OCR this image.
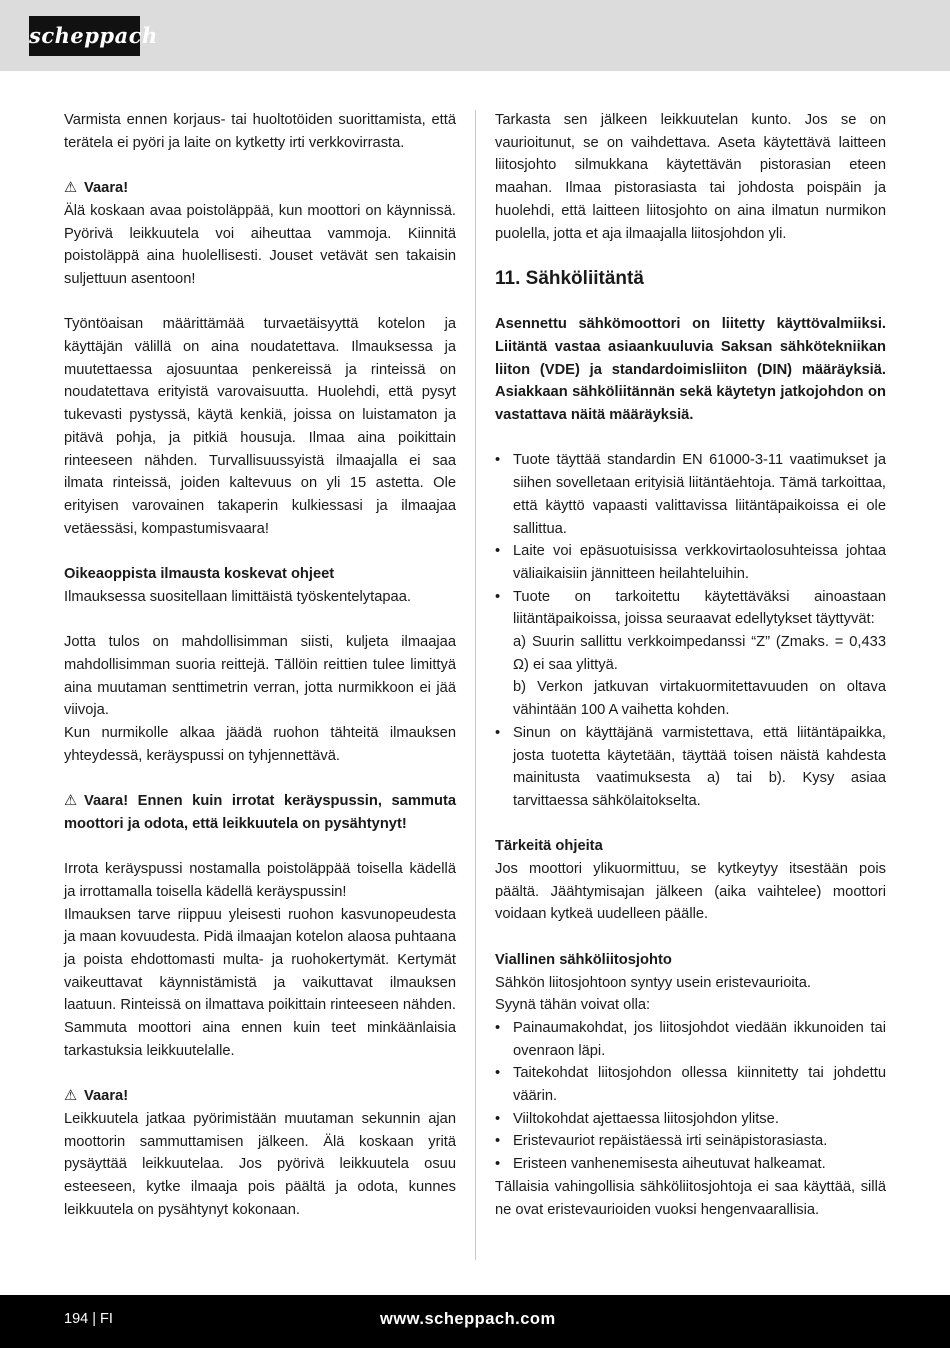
scheppach

Varmista ennen korjaus- tai huoltotöiden suorittamista, että terätela ei pyöri ja laite on kytketty irti verkkovirrasta.

⚠ Vaara!

Älä koskaan avaa poistoläppää, kun moottori on käynnissä. Pyörivä leikkuutela voi aiheuttaa vammoja. Kiinnitä poistoläppä aina huolellisesti. Jouset vetävät sen takaisin suljettuun asentoon!

Työntöaisan määrittämää turvaetäisyyttä kotelon ja käyttäjän välillä on aina noudatettava. Ilmauksessa ja muutettaessa ajosuuntaa penkereissä ja rinteissä on noudatettava erityistä varovaisuutta. Huolehdi, että pysyt tukevasti pystyssä, käytä kenkiä, joissa on luistamaton ja pitävä pohja, ja pitkiä housuja. Ilmaa aina poikittain rinteeseen nähden. Turvallisuussyistä ilmaajalla ei saa ilmata rinteissä, joiden kaltevuus on yli 15 astetta. Ole erityisen varovainen takaperin kulkiessasi ja ilmaajaa vetäessäsi, kompastumisvaara!

Oikeaoppista ilmausta koskevat ohjeet

Ilmauksessa suositellaan limittäistä työskentelytapaa.

Jotta tulos on mahdollisimman siisti, kuljeta ilmaajaa mahdollisimman suoria reittejä. Tällöin reittien tulee limittyä aina muutaman senttimetrin verran, jotta nurmikkoon ei jää viivoja.

Kun nurmikolle alkaa jäädä ruohon tähteitä ilmauksen yhteydessä, keräyspussi on tyhjennettävä.

⚠ Vaara! Ennen kuin irrotat keräyspussin, sammuta moottori ja odota, että leikkuutela on pysähtynyt!

Irrota keräyspussi nostamalla poistoläppää toisella kädellä ja irrottamalla toisella kädellä keräyspussin!

Ilmauksen tarve riippuu yleisesti ruohon kasvunopeudesta ja maan kovuudesta. Pidä ilmaajan kotelon alaosa puhtaana ja poista ehdottomasti multa- ja ruohokertymät. Kertymät vaikeuttavat käynnistämistä ja vaikuttavat ilmauksen laatuun. Rinteissä on ilmattava poikittain rinteeseen nähden. Sammuta moottori aina ennen kuin teet minkäänlaisia tarkastuksia leikkuutelalle.

⚠ Vaara!

Leikkuutela jatkaa pyörimistään muutaman sekunnin ajan moottorin sammuttamisen jälkeen. Älä koskaan yritä pysäyttää leikkuutelaa. Jos pyörivä leikkuutela osuu esteeseen, kytke ilmaaja pois päältä ja odota, kunnes leikkuutela on pysähtynyt kokonaan.

Tarkasta sen jälkeen leikkuutelan kunto. Jos se on vaurioitunut, se on vaihdettava. Aseta käytettävä laitteen liitosjohto silmukkana käytettävän pistorasian eteen maahan. Ilmaa pistorasiasta tai johdosta poispäin ja huolehdi, että laitteen liitosjohto on aina ilmatun nurmikon puolella, jotta et aja ilmaajalla liitosjohdon yli.

11. Sähköliitäntä

Asennettu sähkömoottori on liitetty käyttövalmiiksi. Liitäntä vastaa asiaankuuluvia Saksan sähkötekniikan liiton (VDE) ja standardoimisliiton (DIN) määräyksiä. Asiakkaan sähköliitännän sekä käytetyn jatkojohdon on vastattava näitä määräyksiä.

• Tuote täyttää standardin EN 61000-3-11 vaatimukset ja siihen sovelletaan erityisiä liitäntäehtoja. Tämä tarkoittaa, että käyttö vapaasti valittavissa liitäntäpaikoissa ei ole sallittua.
• Laite voi epäsuotuisissa verkkovirtaolosuhteissa johtaa väliaikaisiin jännitteen heilahteluihin.
• Tuote on tarkoitettu käytettäväksi ainoastaan liitäntäpaikoissa, joissa seuraavat edellytykset täyttyvät:

a) Suurin sallittu verkkoimpedanssi “Z” (Zmaks. = 0,433 Ω) ei saa ylittyä.

b) Verkon jatkuvan virtakuormitettavuuden on oltava vähintään 100 A vaihetta kohden.

• Sinun on käyttäjänä varmistettava, että liitäntäpaikka, josta tuotetta käytetään, täyttää toisen näistä kahdesta mainitusta vaatimuksesta a) tai b). Kysy asiaa tarvittaessa sähkölaitokselta.

Tärkeitä ohjeita

Jos moottori ylikuormittuu, se kytkeytyy itsestään pois päältä. Jäähtymisajan jälkeen (aika vaihtelee) moottori voidaan kytkeä uudelleen päälle.

Viallinen sähköliitosjohto

Sähkön liitosjohtoon syntyy usein eristevaurioita.

Syynä tähän voivat olla:

• Painaumakohdat, jos liitosjohdot viedään ikkunoiden tai ovenraon läpi.
• Taitekohdat liitosjohdon ollessa kiinnitetty tai johdettu väärin.
• Viiltokohdat ajettaessa liitosjohdon ylitse.
• Eristevauriot repäistäessä irti seinäpistorasiasta.
• Eristeen vanhenemisesta aiheutuvat halkeamat.

Tällaisia vahingollisia sähköliitosjohtoja ei saa käyttää, sillä ne ovat eristevaurioiden vuoksi hengenvaarallisia.

194 | FI	www.scheppach.com
